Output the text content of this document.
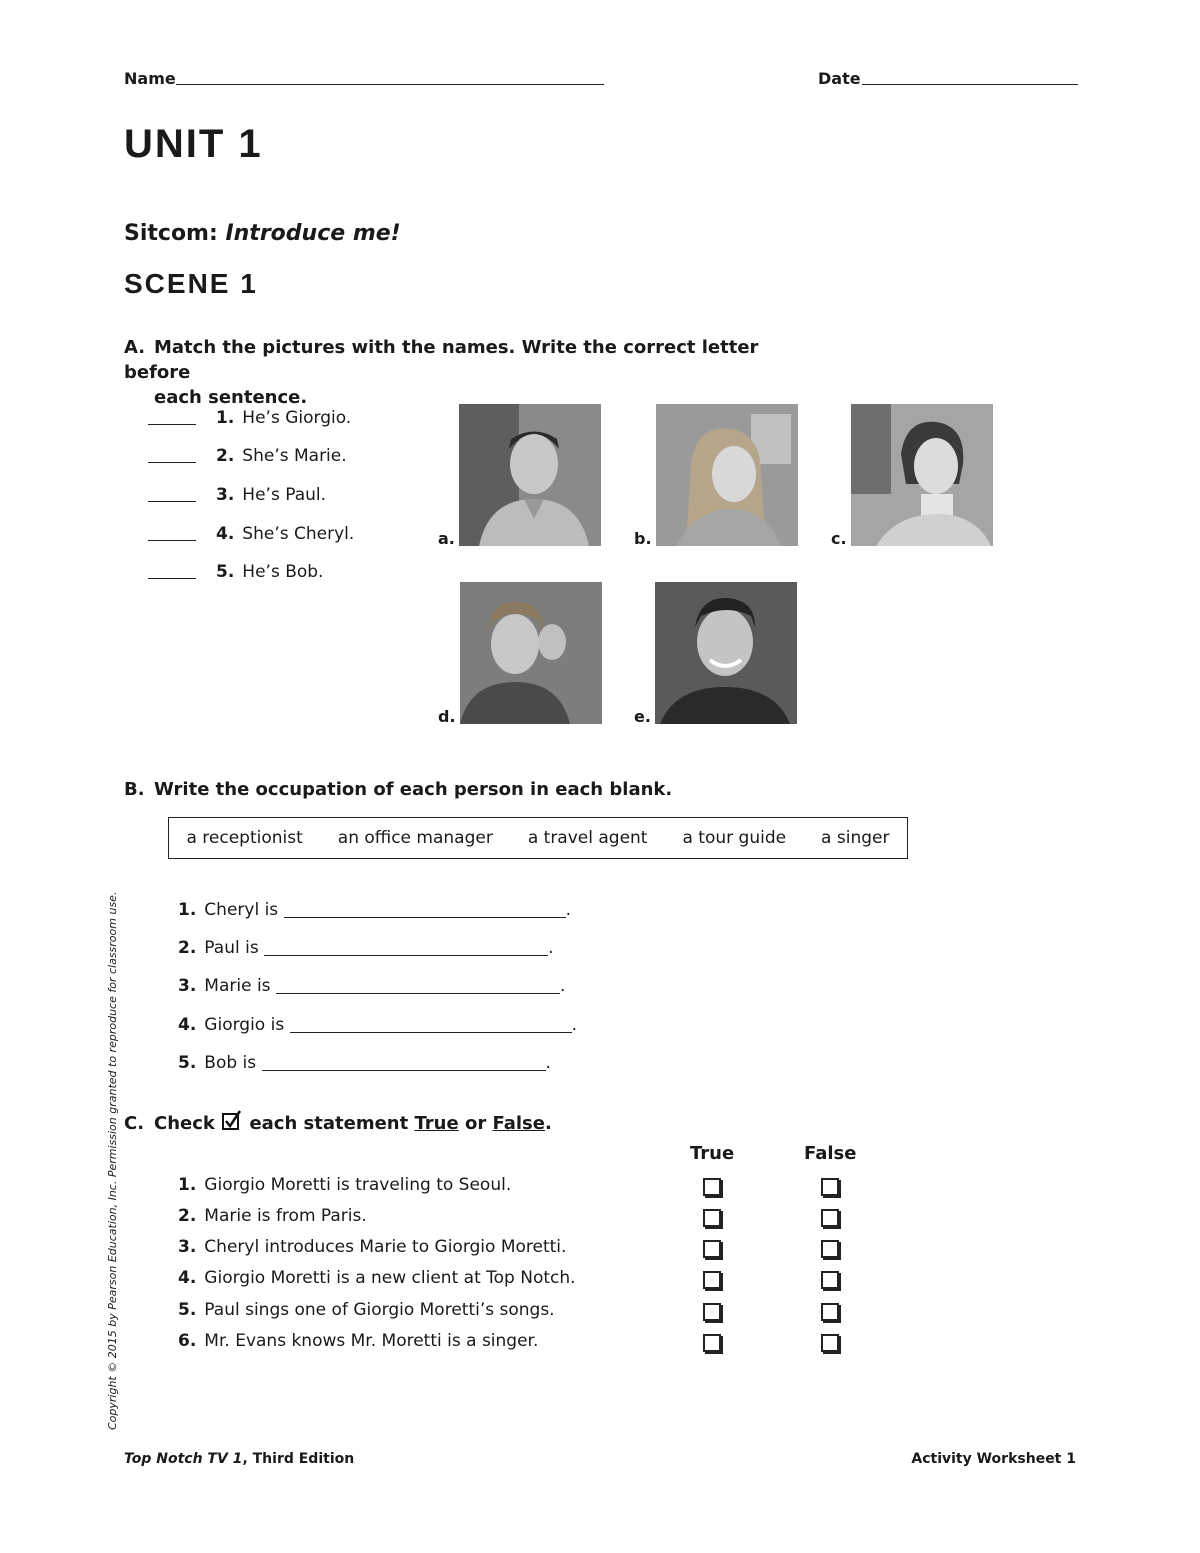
Name	Date
UNIT 1
Sitcom: Introduce me!
SCENE 1
A. Match the pictures with the names. Write the correct letter before
each sentence.
1. He’s Giorgio.
2. She’s Marie.
3. He’s Paul.
4. She’s Cheryl.
5. He’s Bob.
a.	b.	c.
d.	e.
B. Write the occupation of each person in each blank.
a receptionist an office manager a travel agent a tour guide a singer
1. Cheryl is	.
2. Paul is	.
3. Marie is	.
4. Giorgio is	.
5. Bob is	.
C. Check each statement True or False.
True	False
1. Giorgio Moretti is traveling to Seoul.
2. Marie is from Paris.
3. Cheryl introduces Marie to Giorgio Moretti.
4. Giorgio Moretti is a new client at Top Notch.
5. Paul sings one of Giorgio Moretti’s songs.
6. Mr. Evans knows Mr. Moretti is a singer.
Copyright © 2015 by Pearson Education, Inc. Permission granted to reproduce for classroom use.
Top Notch TV 1, Third Edition	Activity Worksheet 1
